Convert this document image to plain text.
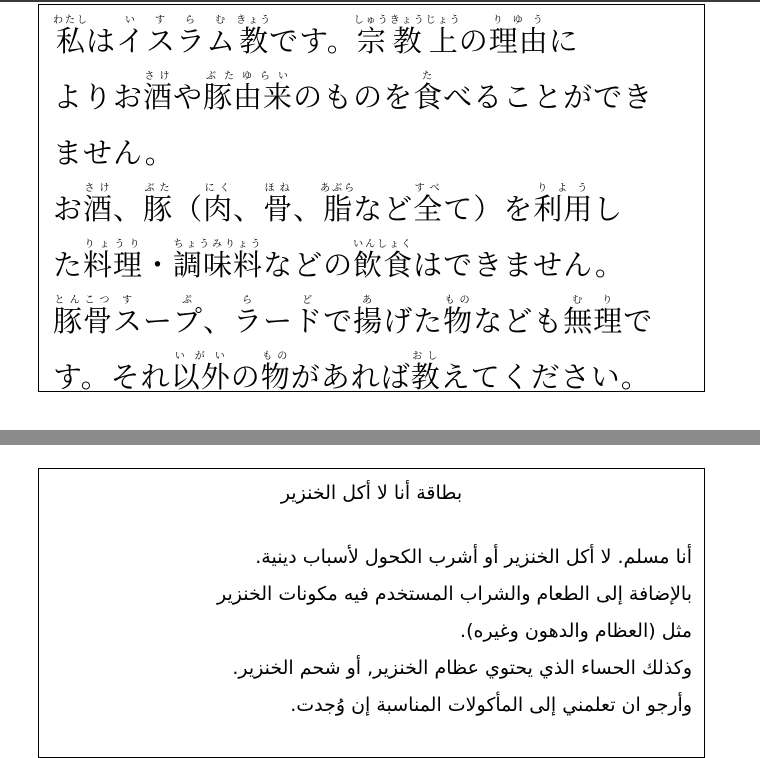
私わたしはイいスすラらムむ教きょうです。宗しゅう教きょう上じょうの理由りゆうに

よりお酒さけや豚由来ぶたゆらいのものを食たべることができ

ません。

お酒さけ、豚ぶた（肉にく、骨ほね、脂あぶらなど全すべて）を利用りようし

た料理りょうり・調味料ちょうみりょうなどの飲食いんしょくはできません。

豚骨とんこつスすープぷ、ラらードどで揚あげた物ものなども無理むりで

す。それ以外いがいの物ものがあれば教おしえてください。

بطاقة أنا لا أكل الخنزير

أنا مسلم. لا أكل الخنزير أو أشرب الكحول لأسباب دينية.

بالإضافة إلى الطعام والشراب المستخدم فيه مكونات الخنزير

مثل (العظام والدهون وغيره).

وكذلك الحساء الذي يحتوي عظام الخنزير, أو شحم الخنزير.

وأرجو ان تعلمني إلى المأكولات المناسبة إن وُجدت.
